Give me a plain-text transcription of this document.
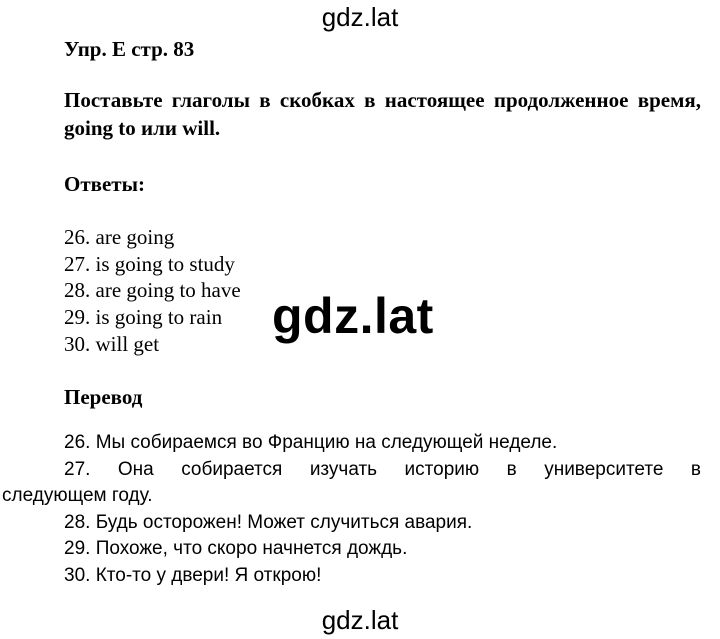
gdz.lat
Упр. E стр. 83
Поставьте глаголы в скобках в настоящее продолженное время, going to или will.
Ответы:
26. are going
27. is going to study
28. are going to have
29. is going to rain
30. will get	gdz.lat
Перевод
26. Мы собираемся во Францию на следующей неделе.
27. Она собирается изучать историю в университете в
следующем году.
28. Будь осторожен! Может случиться авария.
29. Похоже, что скоро начнется дождь.
30. Кто-то у двери! Я открою!
gdz.lat
